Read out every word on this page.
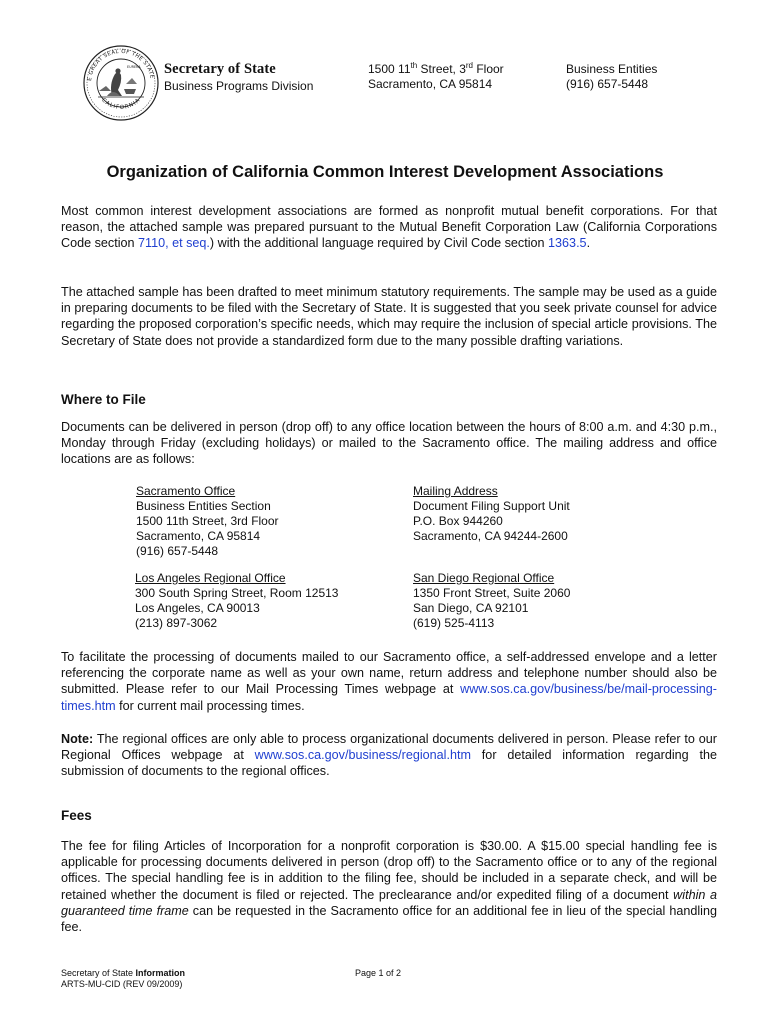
E GREAT SEAL OF THE STATE
CALIFORNIA
EUREKA Secretary of State
Business Programs Division
1500 11th Street, 3rd Floor
Sacramento, CA 95814
Business Entities
(916) 657-5448
Organization of California Common Interest Development Associations

Most common interest development associations are formed as nonprofit mutual benefit corporations. For that reason, the attached sample was prepared pursuant to the Mutual Benefit Corporation Law (California Corporations Code section 7110, et seq.) with the additional language required by Civil Code section 1363.5.

The attached sample has been drafted to meet minimum statutory requirements. The sample may be used as a guide in preparing documents to be filed with the Secretary of State. It is suggested that you seek private counsel for advice regarding the proposed corporation’s specific needs, which may require the inclusion of special article provisions. The Secretary of State does not provide a standardized form due to the many possible drafting variations.

Where to File

Documents can be delivered in person (drop off) to any office location between the hours of 8:00 a.m. and 4:30 p.m., Monday through Friday (excluding holidays) or mailed to the Sacramento office. The mailing address and office locations are as follows:

Sacramento Office
Business Entities Section
1500 11th Street, 3rd Floor
Sacramento, CA 95814
(916) 657-5448
Mailing Address
Document Filing Support Unit
P.O. Box 944260
Sacramento, CA 94244-2600
Los Angeles Regional Office
300 South Spring Street, Room 12513
Los Angeles, CA 90013
(213) 897-3062
San Diego Regional Office
1350 Front Street, Suite 2060
San Diego, CA 92101
(619) 525-4113

To facilitate the processing of documents mailed to our Sacramento office, a self-addressed envelope and a letter referencing the corporate name as well as your own name, return address and telephone number should also be submitted. Please refer to our Mail Processing Times webpage at www.sos.ca.gov/business/be/mail-processing-times.htm for current mail processing times.

Note: The regional offices are only able to process organizational documents delivered in person. Please refer to our Regional Offices webpage at www.sos.ca.gov/business/regional.htm for detailed information regarding the submission of documents to the regional offices.

Fees

The fee for filing Articles of Incorporation for a nonprofit corporation is $30.00. A $15.00 special handling fee is applicable for processing documents delivered in person (drop off) to the Sacramento office or to any of the regional offices. The special handling fee is in addition to the filing fee, should be included in a separate check, and will be retained whether the document is filed or rejected. The preclearance and/or expedited filing of a document within a guaranteed time frame can be requested in the Sacramento office for an additional fee in lieu of the special handling fee.

Secretary of State Information
ARTS-MU-CID (REV 09/2009)
Page 1 of 2
